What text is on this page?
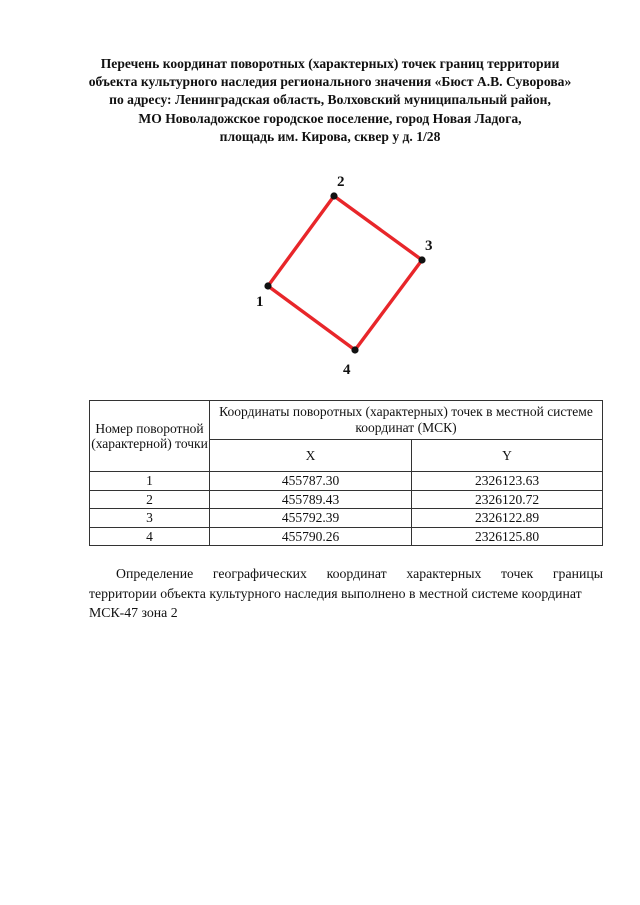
Перечень координат поворотных (характерных) точек границ территории
объекта культурного наследия регионального значения «Бюст А.В. Суворова»
по адресу: Ленинградская область, Волховский муниципальный район,
МО Новоладожское городское поселение, город Новая Ладога,
площадь им. Кирова, сквер у д. 1/28
1
2
3
4
Номер поворотной (характерной) точки	Координаты поворотных (характерных) точек в местной системе координат (МСК)	
	X	Y
1	455787.30	2326123.63
2	455789.43	2326120.72
3	455792.39	2326122.89
4	455790.26	2326125.80
Определение географических координат характерных точек границы
территории объекта культурного наследия выполнено в местной системе координат
МСК-47 зона 2
